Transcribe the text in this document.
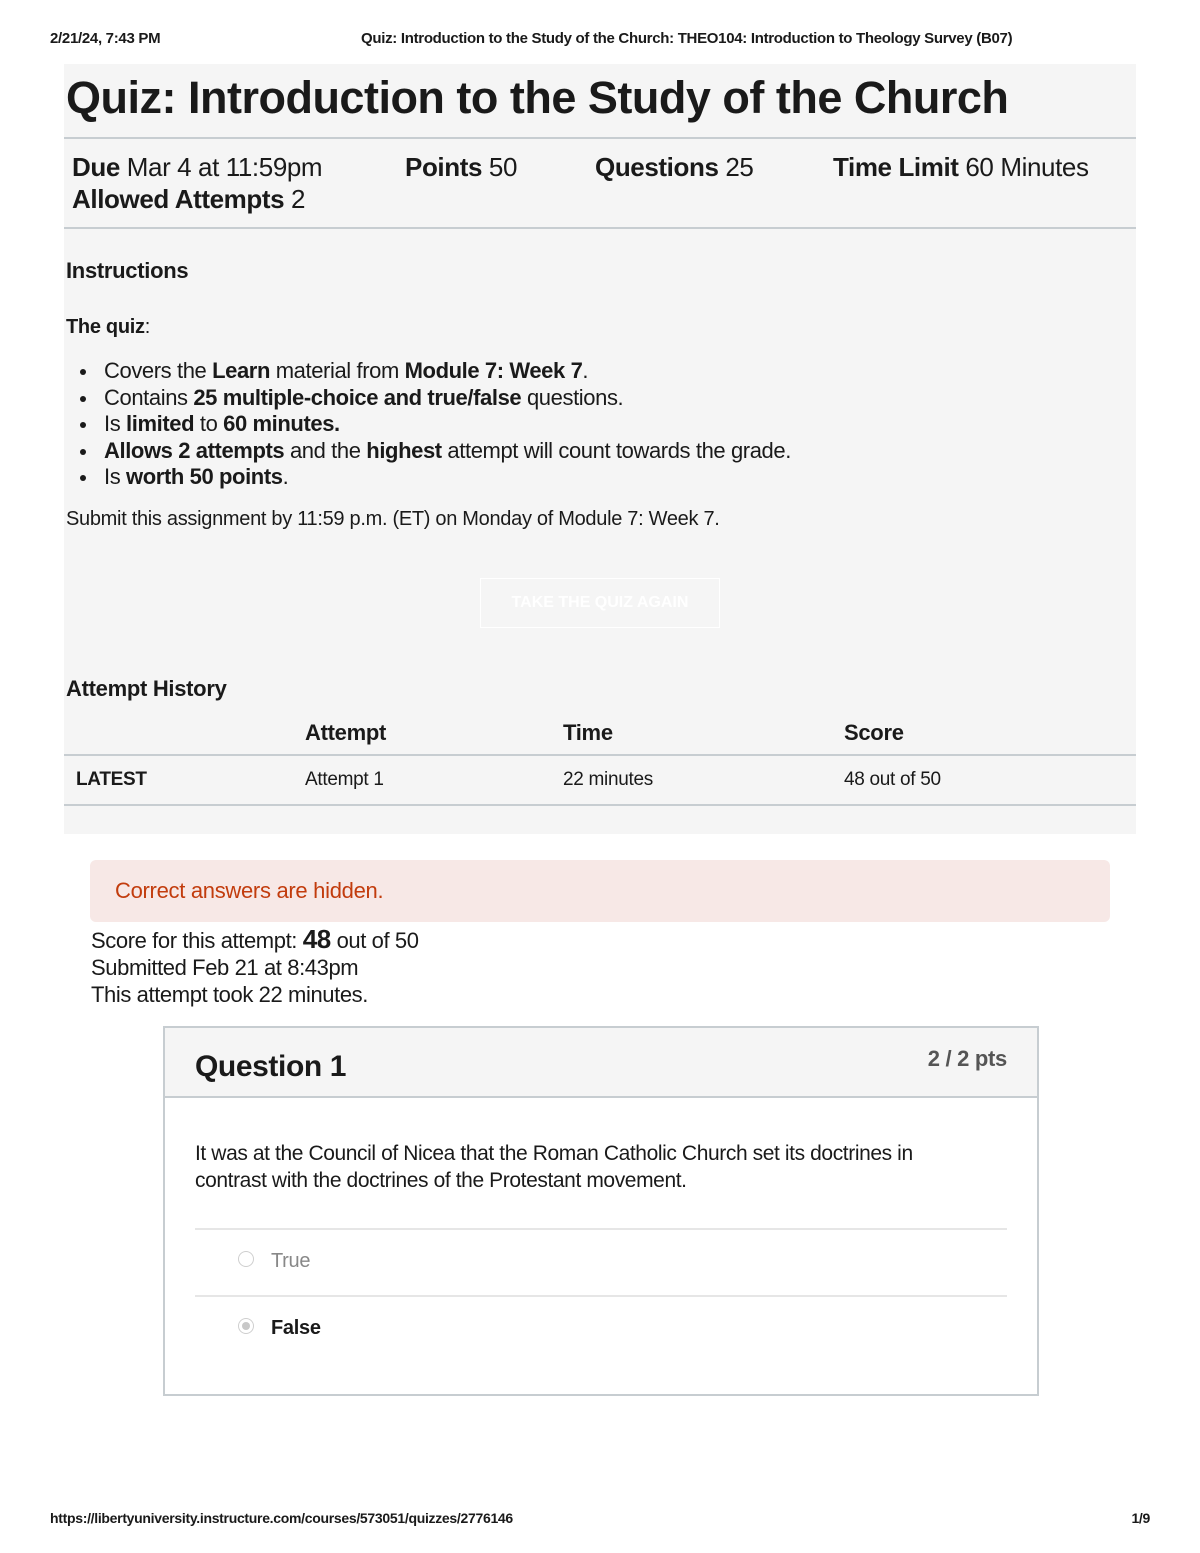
2/21/24, 7:43 PM	Quiz: Introduction to the Study of the Church: THEO104: Introduction to Theology Survey (B07)
Quiz: Introduction to the Study of the Church
Due Mar 4 at 11:59pm	Points 50	Questions 25	Time Limit 60 Minutes
Allowed Attempts 2
Instructions
The quiz:
Covers the Learn material from Module 7: Week 7.
Contains 25 multiple-choice and true/false questions.
Is limited to 60 minutes.
Allows 2 attempts and the highest attempt will count towards the grade.
Is worth 50 points.
Submit this assignment by 11:59 p.m. (ET) on Monday of Module 7: Week 7.
TAKE THE QUIZ AGAIN
Attempt History
	Attempt	Time	Score
LATEST	Attempt 1	22 minutes	48 out of 50
Correct answers are hidden.
Score for this attempt: 48 out of 50
Submitted Feb 21 at 8:43pm
This attempt took 22 minutes.
Question 1	2 / 2 pts
It was at the Council of Nicea that the Roman Catholic Church set its doctrines in contrast with the doctrines of the Protestant movement.
True
False
https://libertyuniversity.instructure.com/courses/573051/quizzes/2776146	1/9
